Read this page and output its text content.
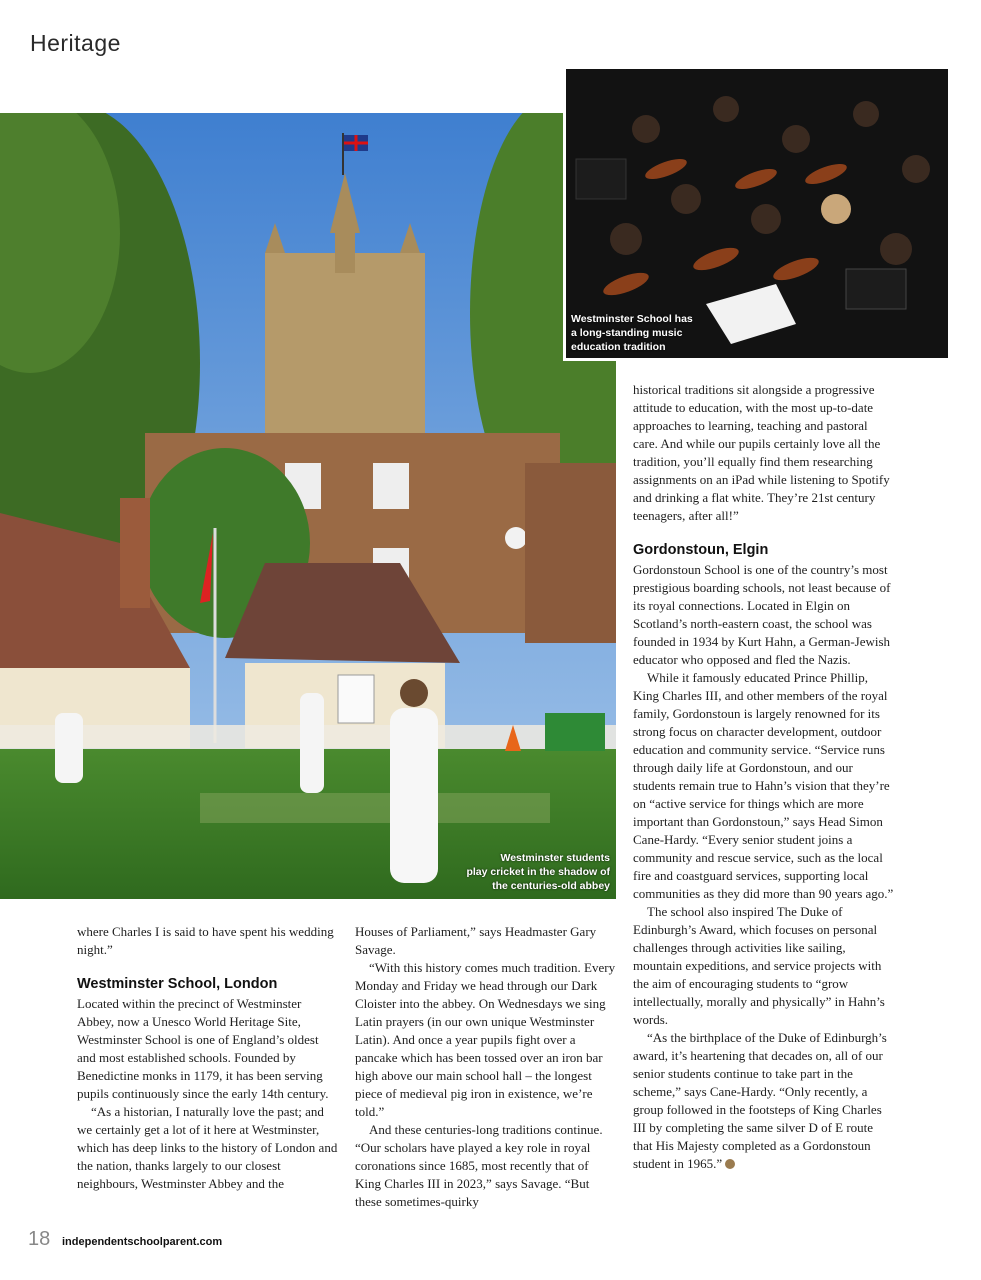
Heritage
Westminster students
play cricket in the shadow of
the centuries-old abbey
Westminster School has
a long-standing music
education tradition

where Charles I is said to have spent his wedding night.”

Westminster School, London

Located within the precinct of Westminster Abbey, now a Unesco World Heritage Site, Westminster School is one of England’s oldest and most established schools. Founded by Benedictine monks in 1179, it has been serving pupils continuously since the early 14th century.

“As a historian, I naturally love the past; and we certainly get a lot of it here at Westminster, which has deep links to the history of London and the nation, thanks largely to our closest neighbours, Westminster Abbey and the

Houses of Parliament,” says Headmaster Gary Savage.

“With this history comes much tradition. Every Monday and Friday we head through our Dark Cloister into the abbey. On Wednesdays we sing Latin prayers (in our own unique Westminster Latin). And once a year pupils fight over a pancake which has been tossed over an iron bar high above our main school hall – the longest piece of medieval pig iron in existence, we’re told.”

And these centuries-long traditions continue. “Our scholars have played a key role in royal coronations since 1685, most recently that of King Charles III in 2023,” says Savage. “But these sometimes-quirky

historical traditions sit alongside a progressive attitude to education, with the most up-to-date approaches to learning, teaching and pastoral care. And while our pupils certainly love all the tradition, you’ll equally find them researching assignments on an iPad while listening to Spotify and drinking a flat white. They’re 21st century teenagers, after all!”

Gordonstoun, Elgin

Gordonstoun School is one of the country’s most prestigious boarding schools, not least because of its royal connections. Located in Elgin on Scotland’s north-eastern coast, the school was founded in 1934 by Kurt Hahn, a German-Jewish educator who opposed and fled the Nazis.

While it famously educated Prince Phillip, King Charles III, and other members of the royal family, Gordonstoun is largely renowned for its strong focus on character development, outdoor education and community service. “Service runs through daily life at Gordonstoun, and our students remain true to Hahn’s vision that they’re on “active service for things which are more important than Gordonstoun,” says Head Simon Cane-Hardy. “Every senior student joins a community and rescue service, such as the local fire and coastguard services, supporting local communities as they did more than 90 years ago.”

The school also inspired The Duke of Edinburgh’s Award, which focuses on personal challenges through activities like sailing, mountain expeditions, and service projects with the aim of encouraging students to “grow intellectually, morally and physically” in Hahn’s words.

“As the birthplace of the Duke of Edinburgh’s award, it’s heartening that decades on, all of our senior students continue to take part in the scheme,” says Cane-Hardy. “Only recently, a group followed in the footsteps of King Charles III by completing the same silver D of E route that His Majesty completed as a Gordonstoun student in 1965.”

18 independentschoolparent.com
